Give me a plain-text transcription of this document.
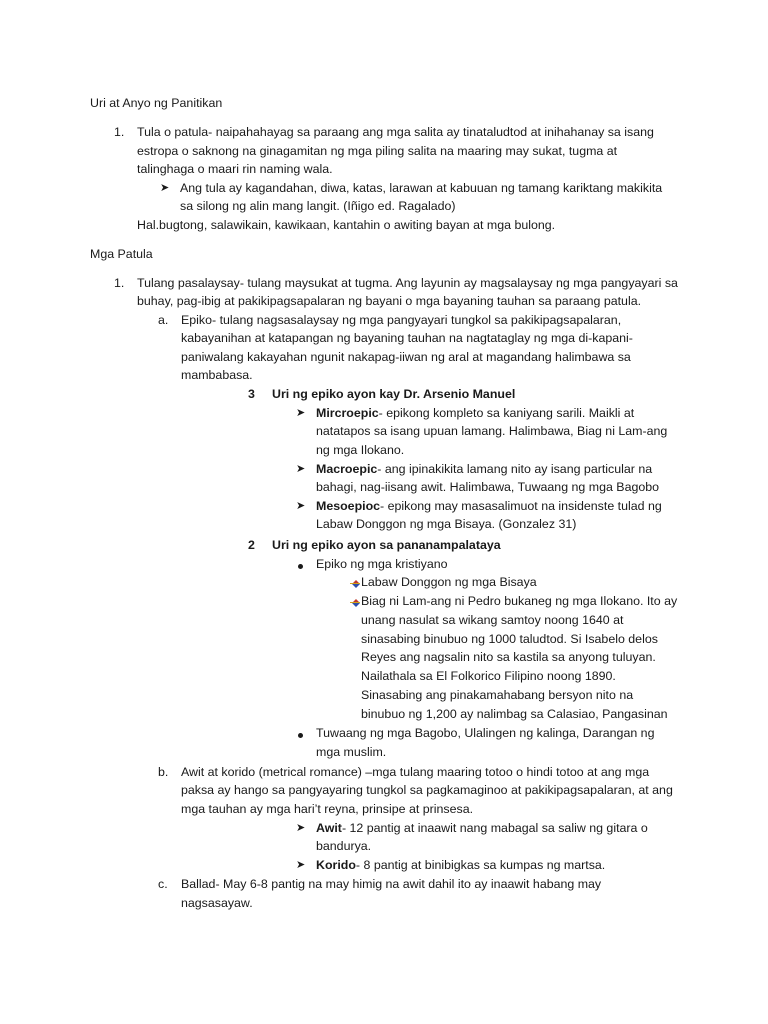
Uri at Anyo ng Panitikan
1. Tula o patula- naipahahayag sa paraang ang mga salita ay tinataludtod at inihahanay sa isang
estropa o saknong na ginagamitan ng mga piling salita na maaring may sukat, tugma at
talinghaga o maari rin naming wala.
➤ Ang tula ay kagandahan, diwa, katas, larawan at kabuuan ng tamang kariktang makikita
sa silong ng alin mang langit. (Iñigo ed. Ragalado)
Hal.bugtong, salawikain, kawikaan, kantahin o awiting bayan at mga bulong.
Mga Patula
1. Tulang pasalaysay- tulang maysukat at tugma. Ang layunin ay magsalaysay ng mga pangyayari sa
buhay, pag-ibig at pakikipagsapalaran ng bayani o mga bayaning tauhan sa paraang patula.
a. Epiko- tulang nagsasalaysay ng mga pangyayari tungkol sa pakikipagsapalaran,
kabayanihan at katapangan ng bayaning tauhan na nagtataglay ng mga di-kapani-
paniwalang kakayahan ngunit nakapag-iiwan ng aral at magandang halimbawa sa
mambabasa.
3 Uri ng epiko ayon kay Dr. Arsenio Manuel
➤ Mircroepic- epikong kompleto sa kaniyang sarili. Maikli at
natatapos sa isang upuan lamang. Halimbawa, Biag ni Lam-ang
ng mga Ilokano.
➤ Macroepic- ang ipinakikita lamang nito ay isang particular na
bahagi, nag-iisang awit. Halimbawa, Tuwaang ng mga Bagobo
➤ Mesoepioc- epikong may masasalimuot na insidenste tulad ng
Labaw Donggon ng mga Bisaya. (Gonzalez 31)
2 Uri ng epiko ayon sa pananampalataya
Epiko ng mga kristiyano
Labaw Donggon ng mga Bisaya
Biag ni Lam-ang ni Pedro bukaneg ng mga Ilokano. Ito ay
unang nasulat sa wikang samtoy noong 1640 at
sinasabing binubuo ng 1000 taludtod. Si Isabelo delos
Reyes ang nagsalin nito sa kastila sa anyong tuluyan.
Nailathala sa El Folkorico Filipino noong 1890.
Sinasabing ang pinakamahabang bersyon nito na
binubuo ng 1,200 ay nalimbag sa Calasiao, Pangasinan
Tuwaang ng mga Bagobo, Ulalingen ng kalinga, Darangan ng
mga muslim.
b. Awit at korido (metrical romance) –mga tulang maaring totoo o hindi totoo at ang mga
paksa ay hango sa pangyayaring tungkol sa pagkamaginoo at pakikipagsapalaran, at ang
mga tauhan ay mga hari’t reyna, prinsipe at prinsesa.
➤ Awit- 12 pantig at inaawit nang mabagal sa saliw ng gitara o
bandurya.
➤ Korido- 8 pantig at binibigkas sa kumpas ng martsa.
c. Ballad- May 6-8 pantig na may himig na awit dahil ito ay inaawit habang may
nagsasayaw.
